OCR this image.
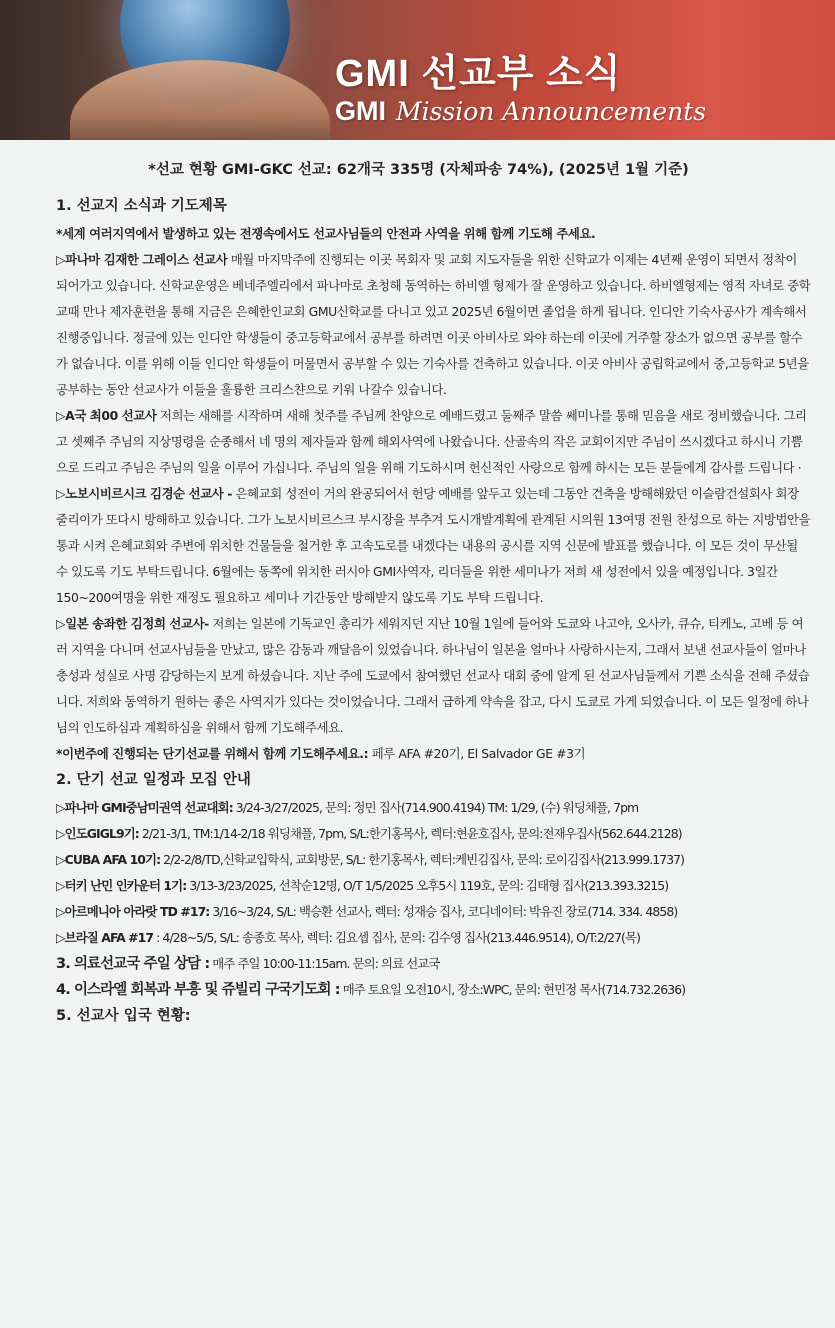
GMI 선교부 소식
GMI Mission Announcements
*선교 현황 GMI-GKC 선교: 62개국 335명 (자체파송 74%), (2025년 1월 기준)
1. 선교지 소식과 기도제목

*세계 여러지역에서 발생하고 있는 전쟁속에서도 선교사님들의 안전과 사역을 위해 함께 기도해 주세요.

▷파나마 김재한 그레이스 선교사 매월 마지막주에 진행되는 이곳 목회자 및 교회 지도자들을 위한 신학교가 이제는 4년째 운영이 되면서 정착이 되어가고 있습니다. 신학교운영은 베네주엘리에서 파나마로 초청해 동역하는 하비엘 형제가 잘 운영하고 있습니다. 하비엘형제는 영적 자녀로 중학교때 만나 제자훈련을 통해 지금은 은혜한인교회 GMU신학교를 다니고 있고 2025년 6월이면 졸업을 하게 됩니다. 인디안 기숙사공사가 계속해서 진행중입니다. 정글에 있는 인디안 학생들이 중고등학교에서 공부를 하려면 이곳 아비사로 와야 하는데 이곳에 거주할 장소가 없으면 공부를 할수가 없습니다. 이를 위해 이들 인디안 학생들이 머물면서 공부할 수 있는 기숙사를 건축하고 있습니다. 이곳 아비사 공립학교에서 중,고등학교 5년을 공부하는 동안 선교사가 이들을 훌륭한 크리스챤으로 키워 나갈수 있습니다.

▷A국 최00 선교사 저희는 새해를 시작하며 새해 첫주를 주님께 찬양으로 예배드렸고 둘째주 말씀 쎄미나를 통해 믿음을 새로 정비했습니다. 그리고 셋째주 주님의 지상명령을 순종해서 네 명의 제자들과 함께 해외사역에 나왔습니다. 산골속의 작은 교회이지만 주님이 쓰시겠다고 하시니 기쁨으로 드리고 주님은 주님의 일을 이루어 가십니다. 주님의 일을 위해 기도하시며 헌신적인 사랑으로 함께 하시는 모든 분들에게 감사를 드립니다 ·

▷노보시비르시크 김경순 선교사 - 은혜교회 성전이 거의 완공되어서 헌당 예배를 앞두고 있는데 그동안 건축을 방해해왔던 이슬람건설회사 회장 줄리이가 또다시 방해하고 있습니다. 그가 노보시비르스크 부시장을 부추겨 도시개발계획에 관계된 시의원 13여명 전원 찬성으로 하는 지방법안을 통과 시켜 은혜교회와 주변에 위치한 건물들을 철거한 후 고속도로를 내겠다는 내용의 공시를 지역 신문에 발표를 했습니다. 이 모든 것이 무산될 수 있도록 기도 부탁드립니다. 6월에는 동쪽에 위치한 러시아 GMI사역자, 리더들을 위한 세미나가 저희 새 성전에서 있을 예정입니다. 3일간 150~200여명을 위한 재정도 필요하고 세미나 기간동안 방해받지 않도록 기도 부탁 드립니다.

▷일본 송좌한 김정희 선교사- 저희는 일본에 기독교인 총리가 세워지던 지난 10월 1일에 들어와 도쿄와 나고야, 오사카, 큐슈, 티케노, 고베 등 여러 지역을 다니며 선교사님들을 만났고, 많은 감동과 깨달음이 있었습니다. 하나님이 일본을 얼마나 사랑하시는지, 그래서 보낸 선교사들이 얼마나 충성과 성실로 사명 감당하는지 보게 하셨습니다. 지난 주에 도쿄에서 참여했던 선교사 대회 중에 알게 된 선교사님들께서 기쁜 소식을 전해 주셨습니다. 저희와 동역하기 원하는 좋은 사역지가 있다는 것이었습니다. 그래서 급하게 약속을 잡고, 다시 도쿄로 가게 되었습니다. 이 모든 일정에 하나님의 인도하심과 계획하심을 위해서 함께 기도해주세요.

*이번주에 진행되는 단기선교를 위해서 함께 기도해주세요.: 페루 AFA #20기, El Salvador GE #3기

2. 단기 선교 일정과 모집 안내

▷파나마 GMI중남미권역 선교대회: 3/24-3/27/2025, 문의: 정민 집사(714.900.4194) TM: 1/29, (수) 워딩채플, 7pm

▷인도GIGL9기: 2/21-3/1, TM:1/14-2/18 워딩채플, 7pm, S/L:한기홍목사, 렉터:현윤호집사, 문의:전재우집사(562.644.2128)

▷CUBA AFA 10기: 2/2-2/8/TD,신학교입학식, 교회방문, S/L: 한기홍목사, 렉터:케빈김집사, 문의: 로이김집사(213.999.1737)

▷터키 난민 인카운터 1기: 3/13-3/23/2025, 선착순12명, O/T 1/5/2025 오후5시 119호, 문의: 김태형 집사(213.393.3215)

▷아르메니아 아라랏 TD #17: 3/16~3/24, S/L: 백승환 선교사, 렉터: 성재승 집사, 코디네이터: 박유진 장로(714. 334. 4858)

▷브라질 AFA #17 : 4/28~5/5, S/L: 송종호 목사, 렉터: 김요셉 집사, 문의: 김수영 집사(213.446.9514), O/T:2/27(목)

3. 의료선교국 주일 상담 : 매주 주일 10:00-11:15am. 문의: 의료 선교국

4. 이스라엘 회복과 부흥 및 쥬빌리 구국기도회 : 매주 토요일 오전10시, 장소:WPC, 문의: 현민정 목사(714.732.2636)

5. 선교사 입국 현황:
